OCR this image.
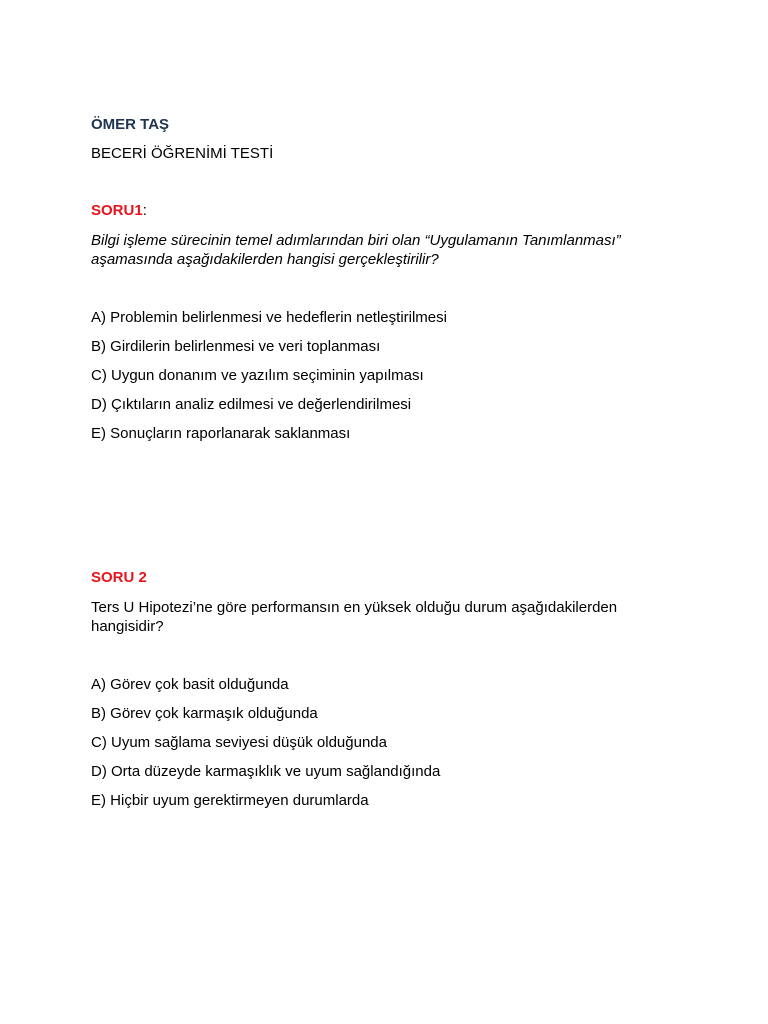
ÖMER TAŞ
BECERİ ÖĞRENİMİ TESTİ
SORU1:
Bilgi işleme sürecinin temel adımlarından biri olan “Uygulamanın Tanımlanması” aşamasında aşağıdakilerden hangisi gerçekleştirilir?
A) Problemin belirlenmesi ve hedeflerin netleştirilmesi
B) Girdilerin belirlenmesi ve veri toplanması
C) Uygun donanım ve yazılım seçiminin yapılması
D) Çıktıların analiz edilmesi ve değerlendirilmesi
E) Sonuçların raporlanarak saklanması
SORU 2
Ters U Hipotezi’ne göre performansın en yüksek olduğu durum aşağıdakilerden hangisidir?
A) Görev çok basit olduğunda
B) Görev çok karmaşık olduğunda
C) Uyum sağlama seviyesi düşük olduğunda
D) Orta düzeyde karmaşıklık ve uyum sağlandığında
E) Hiçbir uyum gerektirmeyen durumlarda
